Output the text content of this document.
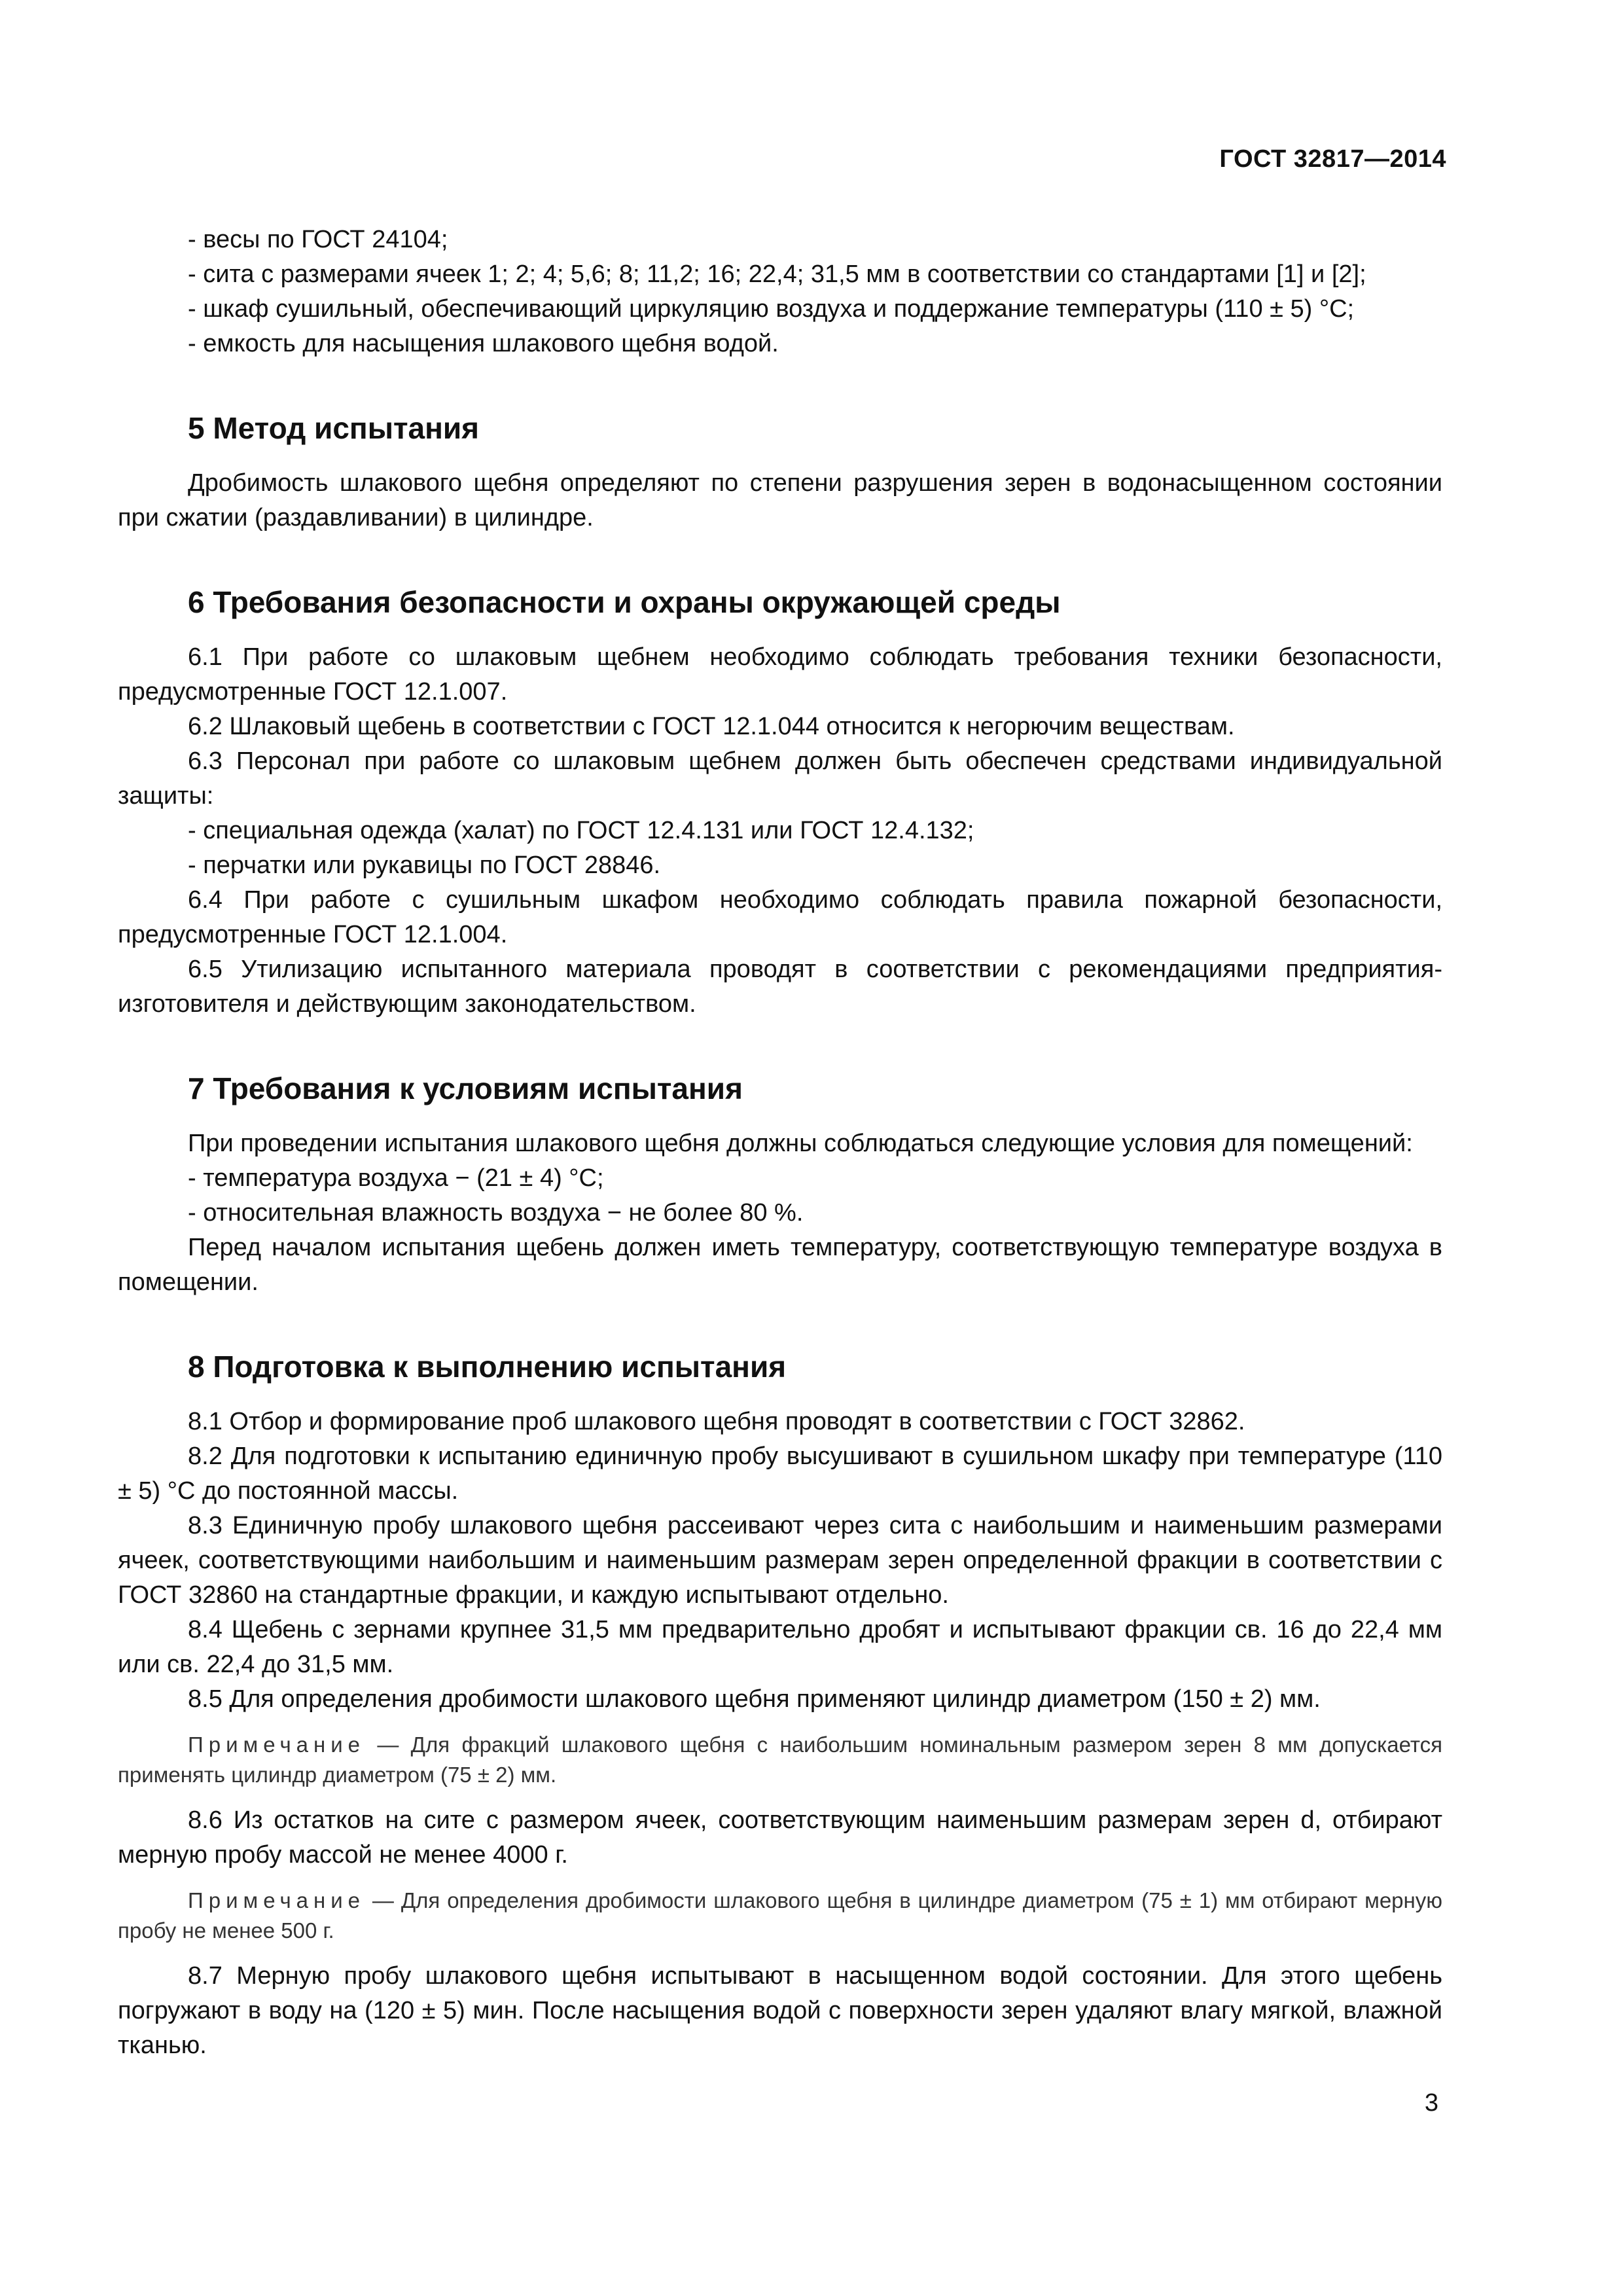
ГОСТ 32817—2014

- весы по ГОСТ 24104;

- сита с размерами ячеек 1; 2; 4; 5,6; 8; 11,2; 16; 22,4; 31,5 мм в соответствии со стандартами [1] и [2];

- шкаф сушильный, обеспечивающий циркуляцию воздуха и поддержание температуры (110 ± 5) °С;

- емкость для насыщения шлакового щебня водой.

5 Метод испытания

Дробимость шлакового щебня определяют по степени разрушения зерен в водонасыщенном состоянии при сжатии (раздавливании) в цилиндре.

6 Требования безопасности и охраны окружающей среды

6.1 При работе со шлаковым щебнем необходимо соблюдать требования техники безопасности, предусмотренные ГОСТ 12.1.007.

6.2 Шлаковый щебень в соответствии с ГОСТ 12.1.044 относится к негорючим веществам.

6.3 Персонал при работе со шлаковым щебнем должен быть обеспечен средствами индивидуальной защиты:

- специальная одежда (халат) по ГОСТ 12.4.131 или ГОСТ 12.4.132;

- перчатки или рукавицы по ГОСТ 28846.

6.4 При работе с сушильным шкафом необходимо соблюдать правила пожарной безопасности, предусмотренные ГОСТ 12.1.004.

6.5 Утилизацию испытанного материала проводят в соответствии с рекомендациями предприятия-изготовителя и действующим законодательством.

7 Требования к условиям испытания

При проведении испытания шлакового щебня должны соблюдаться следующие условия для помещений:

- температура воздуха − (21 ± 4) °С;

- относительная влажность воздуха − не более 80 %.

Перед началом испытания щебень должен иметь температуру, соответствующую температуре воздуха в помещении.

8 Подготовка к выполнению испытания

8.1 Отбор и формирование проб шлакового щебня проводят в соответствии с ГОСТ 32862.

8.2 Для подготовки к испытанию единичную пробу высушивают в сушильном шкафу при температуре (110 ± 5) °С до постоянной массы.

8.3 Единичную пробу шлакового щебня рассеивают через сита с наибольшим и наименьшим размерами ячеек, соответствующими наибольшим и наименьшим размерам зерен определенной фракции в соответствии с ГОСТ 32860 на стандартные фракции, и каждую испытывают отдельно.

8.4 Щебень с зернами крупнее 31,5 мм предварительно дробят и испытывают фракции св. 16 до 22,4 мм или св. 22,4 до 31,5 мм.

8.5 Для определения дробимости шлакового щебня применяют цилиндр диаметром (150 ± 2) мм.

Примечание — Для фракций шлакового щебня с наибольшим номинальным размером зерен 8 мм допускается применять цилиндр диаметром (75 ± 2) мм.

8.6 Из остатков на сите с размером ячеек, соответствующим наименьшим размерам зерен d, отбирают мерную пробу массой не менее 4000 г.

Примечание — Для определения дробимости шлакового щебня в цилиндре диаметром (75 ± 1) мм отбирают мерную пробу не менее 500 г.

8.7 Мерную пробу шлакового щебня испытывают в насыщенном водой состоянии. Для этого щебень погружают в воду на (120 ± 5) мин. После насыщения водой с поверхности зерен удаляют влагу мягкой, влажной тканью.

3
